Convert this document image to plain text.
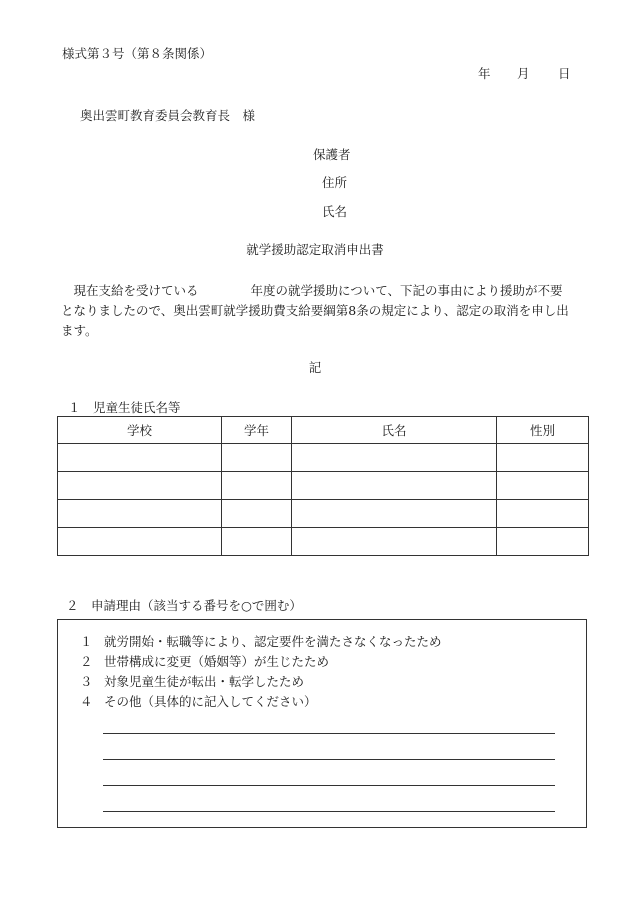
様式第３号（第８条関係）
年 月 日
奥出雲町教育委員会教育長　様
保護者
住所
氏名
就学援助認定取消申出書

　現在支給を受けている	年度の就学援助について、下記の事由により援助が不要
となりましたので、奥出雲町就学援助費支給要綱第8条の規定により、認定の取消を申し出
ます。

記
１　児童生徒氏名等
学校	学年	氏名	性別

２　申請理由（該当する番号を○で囲む）
１ 就労開始・転職等により、認定要件を満たさなくなったため
２ 世帯構成に変更（婚姻等）が生じたため
３ 対象児童生徒が転出・転学したため
４ その他（具体的に記入してください）
